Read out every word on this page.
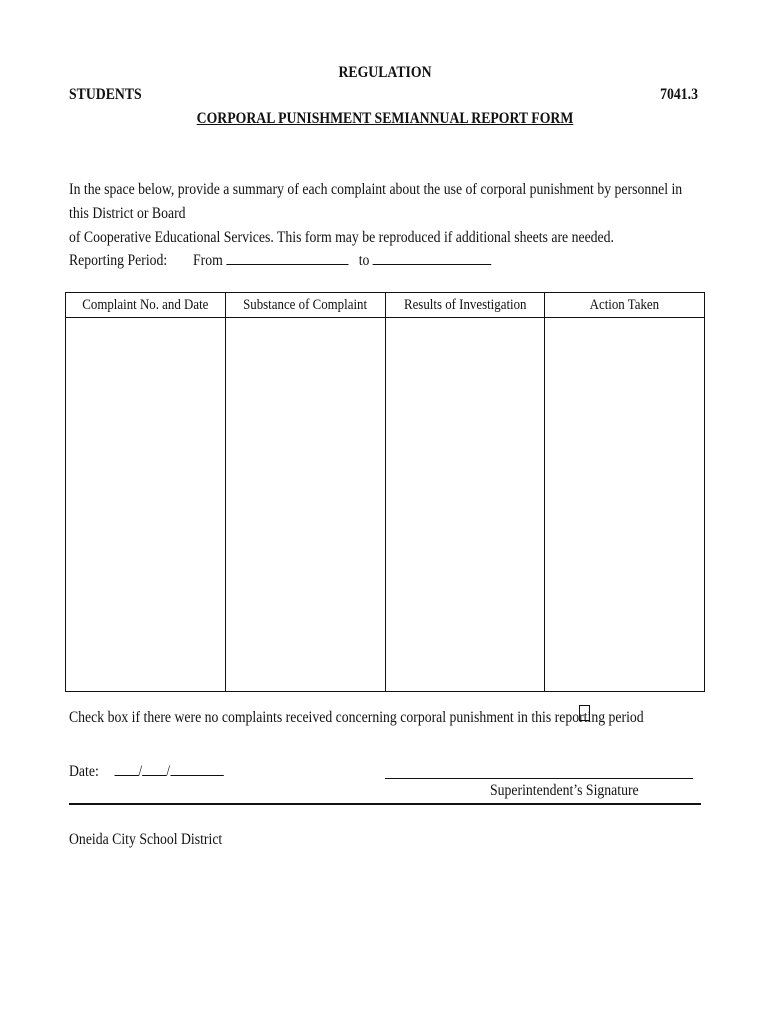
REGULATION
STUDENTS	7041.3
CORPORAL PUNISHMENT SEMIANNUAL REPORT FORM
In the space below, provide a summary of each complaint about the use of corporal punishment by personnel in this District or Board
of Cooperative Educational Services. This form may be reproduced if additional sheets are needed.
Reporting Period: From	to
Complaint No. and Date	Substance of Complaint	Results of Investigation	Action Taken
Check box if there were no complaints received concerning corporal punishment in this reporting period
Date: / /
Superintendent’s Signature
Oneida City School District
